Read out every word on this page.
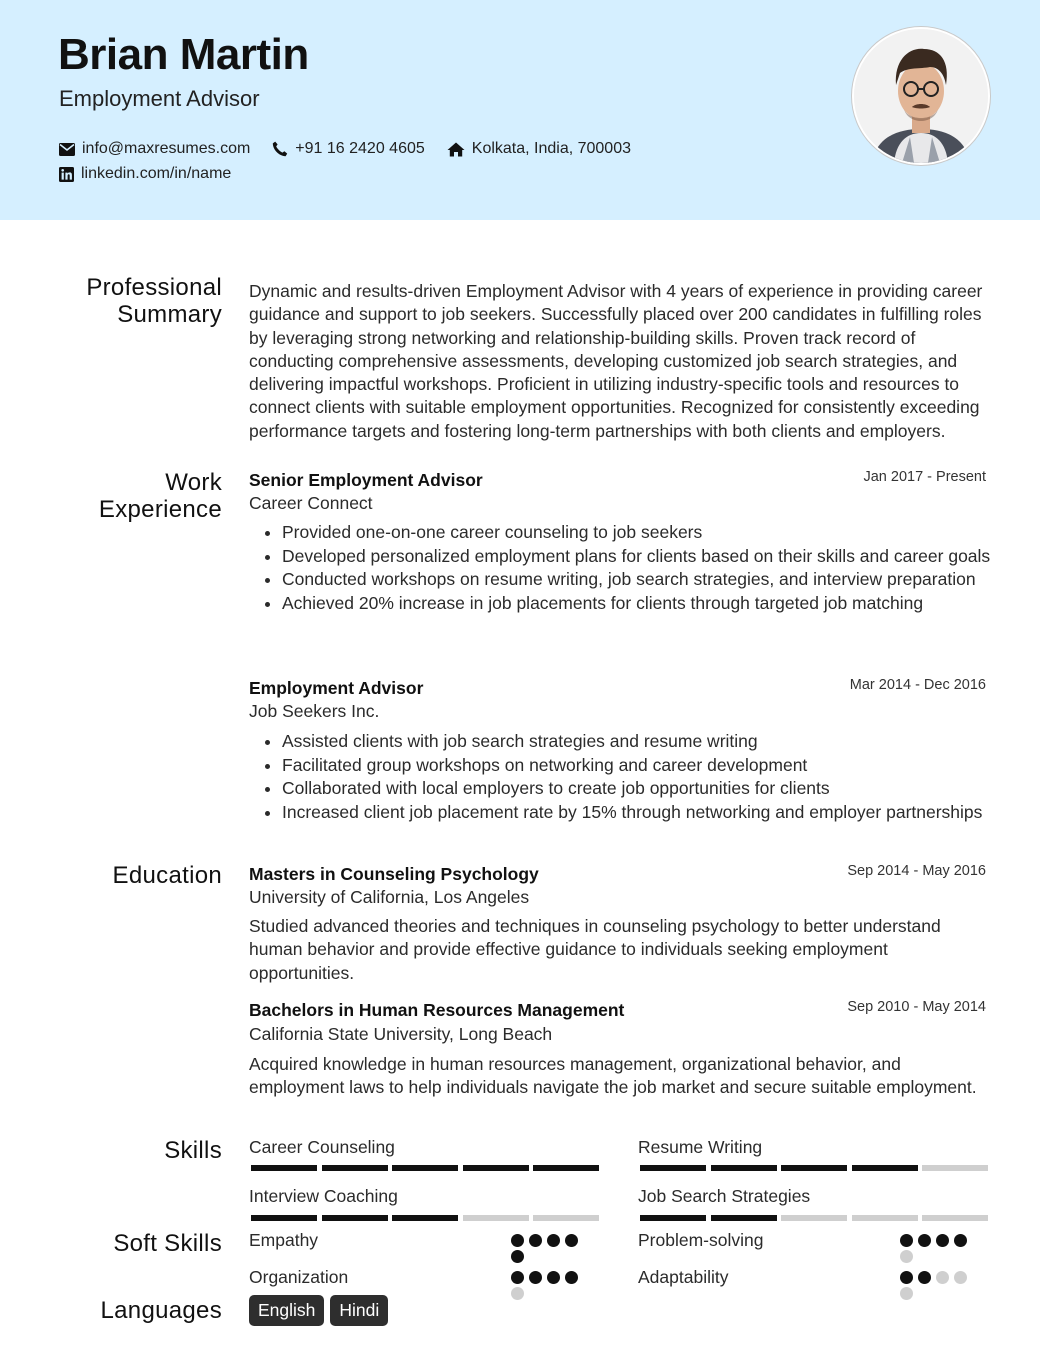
Brian Martin
Employment Advisor
info@maxresumes.com	+91 16 2420 4605	Kolkata, India, 700003
linkedin.com/in/name
Professional
Summary
Dynamic and results-driven Employment Advisor with 4 years of experience in providing career guidance and support to job seekers. Successfully placed over 200 candidates in fulfilling roles by leveraging strong networking and relationship-building skills. Proven track record of conducting comprehensive assessments, developing customized job search strategies, and delivering impactful workshops. Proficient in utilizing industry-specific tools and resources to connect clients with suitable employment opportunities. Recognized for consistently exceeding performance targets and fostering long-term partnerships with both clients and employers.
Work
Experience
Senior Employment Advisor	Jan 2017 - Present
Career Connect
• Provided one-on-one career counseling to job seekers
• Developed personalized employment plans for clients based on their skills and career goals
• Conducted workshops on resume writing, job search strategies, and interview preparation
• Achieved 20% increase in job placements for clients through targeted job matching
Employment Advisor	Mar 2014 - Dec 2016
Job Seekers Inc.
• Assisted clients with job search strategies and resume writing
• Facilitated group workshops on networking and career development
• Collaborated with local employers to create job opportunities for clients
• Increased client job placement rate by 15% through networking and employer partnerships
Education Masters in Counseling Psychology	Sep 2014 - May 2016
University of California, Los Angeles
Studied advanced theories and techniques in counseling psychology to better understand human behavior and provide effective guidance to individuals seeking employment opportunities.
Bachelors in Human Resources Management	Sep 2010 - May 2014
California State University, Long Beach
Acquired knowledge in human resources management, organizational behavior, and employment laws to help individuals navigate the job market and secure suitable employment.
Skills Career Counseling	Resume Writing
Interview Coaching	Job Search Strategies
Soft Skills Empathy	Problem-solving
Organization	Adaptability
Languages	English	Hindi
